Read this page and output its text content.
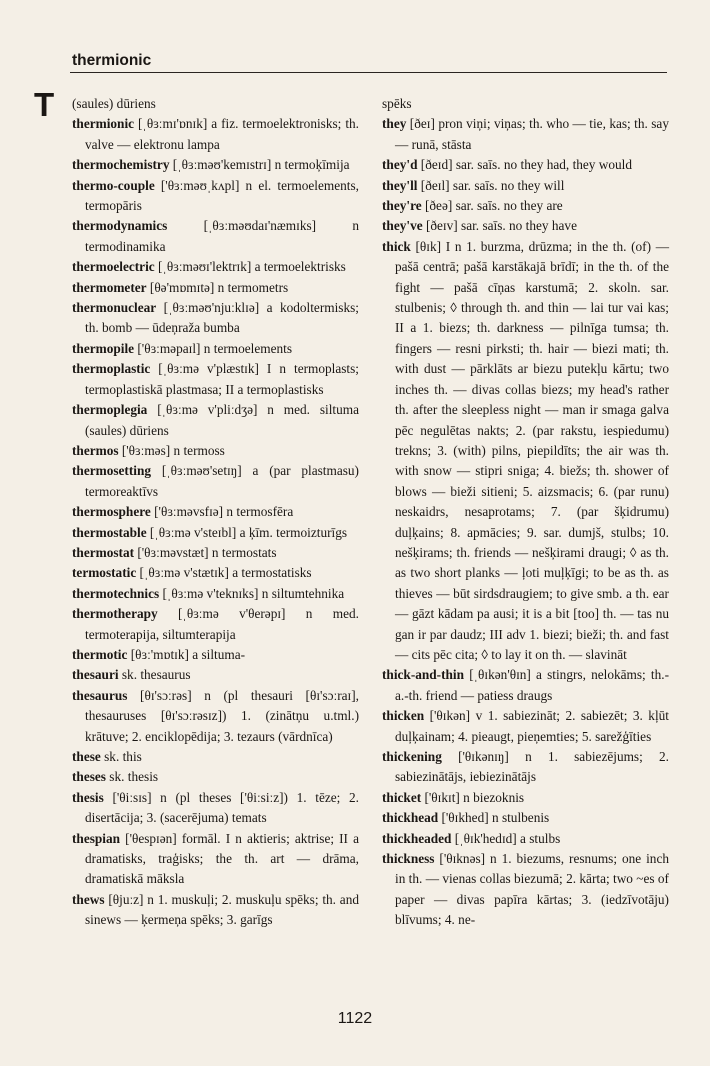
thermionic
T (saules) dūriens
thermionic [ˌθɜːmɪ'ɒnɪk] a fiz. termoelektronisks; th. valve — elektronu lampa
thermochemistry [ˌθɜːməʊ'kemɪstrɪ] n termoķīmija
thermo-couple ['θɜːməʊˌkʌpl] n el. termoelements, termopāris
thermodynamics [ˌθɜːməʊdaɪ'næmɪks] n termodinamika
thermoelectric [ˌθɜːməʊɪ'lektrɪk] a termoelektrisks
thermometer [θə'mɒmɪtə] n termometrs
thermonuclear [ˌθɜːməʊ'njuːklɪə] a kodoltermisks; th. bomb — ūdeņraža bumba
thermopile ['θɜːməpaɪl] n termoelements
thermoplastic [ˌθɜːmə v'plæstɪk] I n termoplasts; termoplastiskā plastmasa; II a termoplastisks
thermoplegia [ˌθɜːmə v'pliːdʒə] n med. siltuma (saules) dūriens
thermos ['θɜːməs] n termoss
thermosetting [ˌθɜːməʊ'setɪŋ] a (par plastmasu) termoreaktīvs
thermosphere ['θɜːməvsfɪə] n termosfēra
thermostable [ˌθɜːmə v'steɪbl] a ķīm. termoizturīgs
thermostat ['θɜːməvstæt] n termostats
termostatic [ˌθɜːmə v'stætɪk] a termostatisks
thermotechnics [ˌθɜːmə v'teknɪks] n siltumtehnika
thermotherapy [ˌθɜːmə v'θerəpɪ] n med. termoterapija, siltumterapija
thermotic [θɜː'mɒtɪk] a siltuma-
thesauri sk. thesaurus
thesaurus [θɪ'sɔːrəs] n (pl thesauri [θɪ'sɔːraɪ], thesauruses [θɪ'sɔːrəsɪz]) 1. (zinātņu u.tml.) krātuve; 2. enciklopēdija; 3. tezaurs (vārdnīca)
these sk. this
theses sk. thesis
thesis ['θiːsɪs] n (pl theses ['θiːsiːz]) 1. tēze; 2. disertācija; 3. (sacerējuma) temats
thespian ['θespɪən] formāl. I n aktieris; aktrise; II a dramatisks, traģisks; the th. art — drāma, dramatiskā māksla
thews [θjuːz] n 1. muskuļi; 2. muskuļu spēks; th. and sinews — ķermeņa spēks; 3. garīgs
spēks
they [ðeɪ] pron viņi; viņas; th. who — tie, kas; th. say — runā, stāsta
they'd [ðeɪd] sar. saīs. no they had, they would
they'll [ðeɪl] sar. saīs. no they will
they're [ðeə] sar. saīs. no they are
they've [ðeɪv] sar. saīs. no they have
thick [θɪk] I n 1. burzma, drūzma; in the th. (of) — pašā centrā; pašā karstākajā brīdī; in the th. of the fight — pašā cīņas karstumā; 2. skoln. sar. stulbenis; ◊ through th. and thin — lai tur vai kas; II a 1. biezs; th. darkness — pilnīga tumsa; th. fingers — resni pirksti; th. hair — biezi mati; th. with dust — pārklāts ar biezu putekļu kārtu; two inches th. — divas collas biezs; my head's rather th. after the sleepless night — man ir smaga galva pēc negulētas nakts; 2. (par rakstu, iespiedumu) trekns; 3. (with) pilns, piepildīts; the air was th. with snow — stipri sniga; 4. biežs; th. shower of blows — bieži sitieni; 5. aizsmacis; 6. (par runu) neskaidrs, nesaprotams; 7. (par šķidrumu) duļķains; 8. apmācies; 9. sar. dumjš, stulbs; 10. nešķirams; th. friends — nešķirami draugi; ◊ as th. as two short planks — ļoti muļķīgi; to be as th. as thieves — būt sirdsdraugiem; to give smb. a th. ear — gāzt kādam pa ausi; it is a bit [too] th. — tas nu gan ir par daudz; III adv 1. biezi; bieži; th. and fast — cits pēc cita; ◊ to lay it on th. — slavināt
thick-and-thin [ˌθɪkən'θɪn] a stingrs, nelokāms; th.-a.-th. friend — patiess draugs
thicken ['θɪkən] v 1. sabiezināt; 2. sabiezēt; 3. kļūt duļķainam; 4. pieaugt, pieņemties; 5. sarežģīties
thickening ['θɪkənɪŋ] n 1. sabiezējums; 2. sabiezinātājs, iebiezinātājs
thicket ['θɪkɪt] n biezoknis
thickhead ['θɪkhed] n stulbenis
thickheaded [ˌθɪk'hedɪd] a stulbs
thickness ['θɪknəs] n 1. biezums, resnums; one inch in th. — vienas collas biezumā; 2. kārta; two ~es of paper — divas papīra kārtas; 3. (iedzīvotāju) blīvums; 4. ne-
1122
